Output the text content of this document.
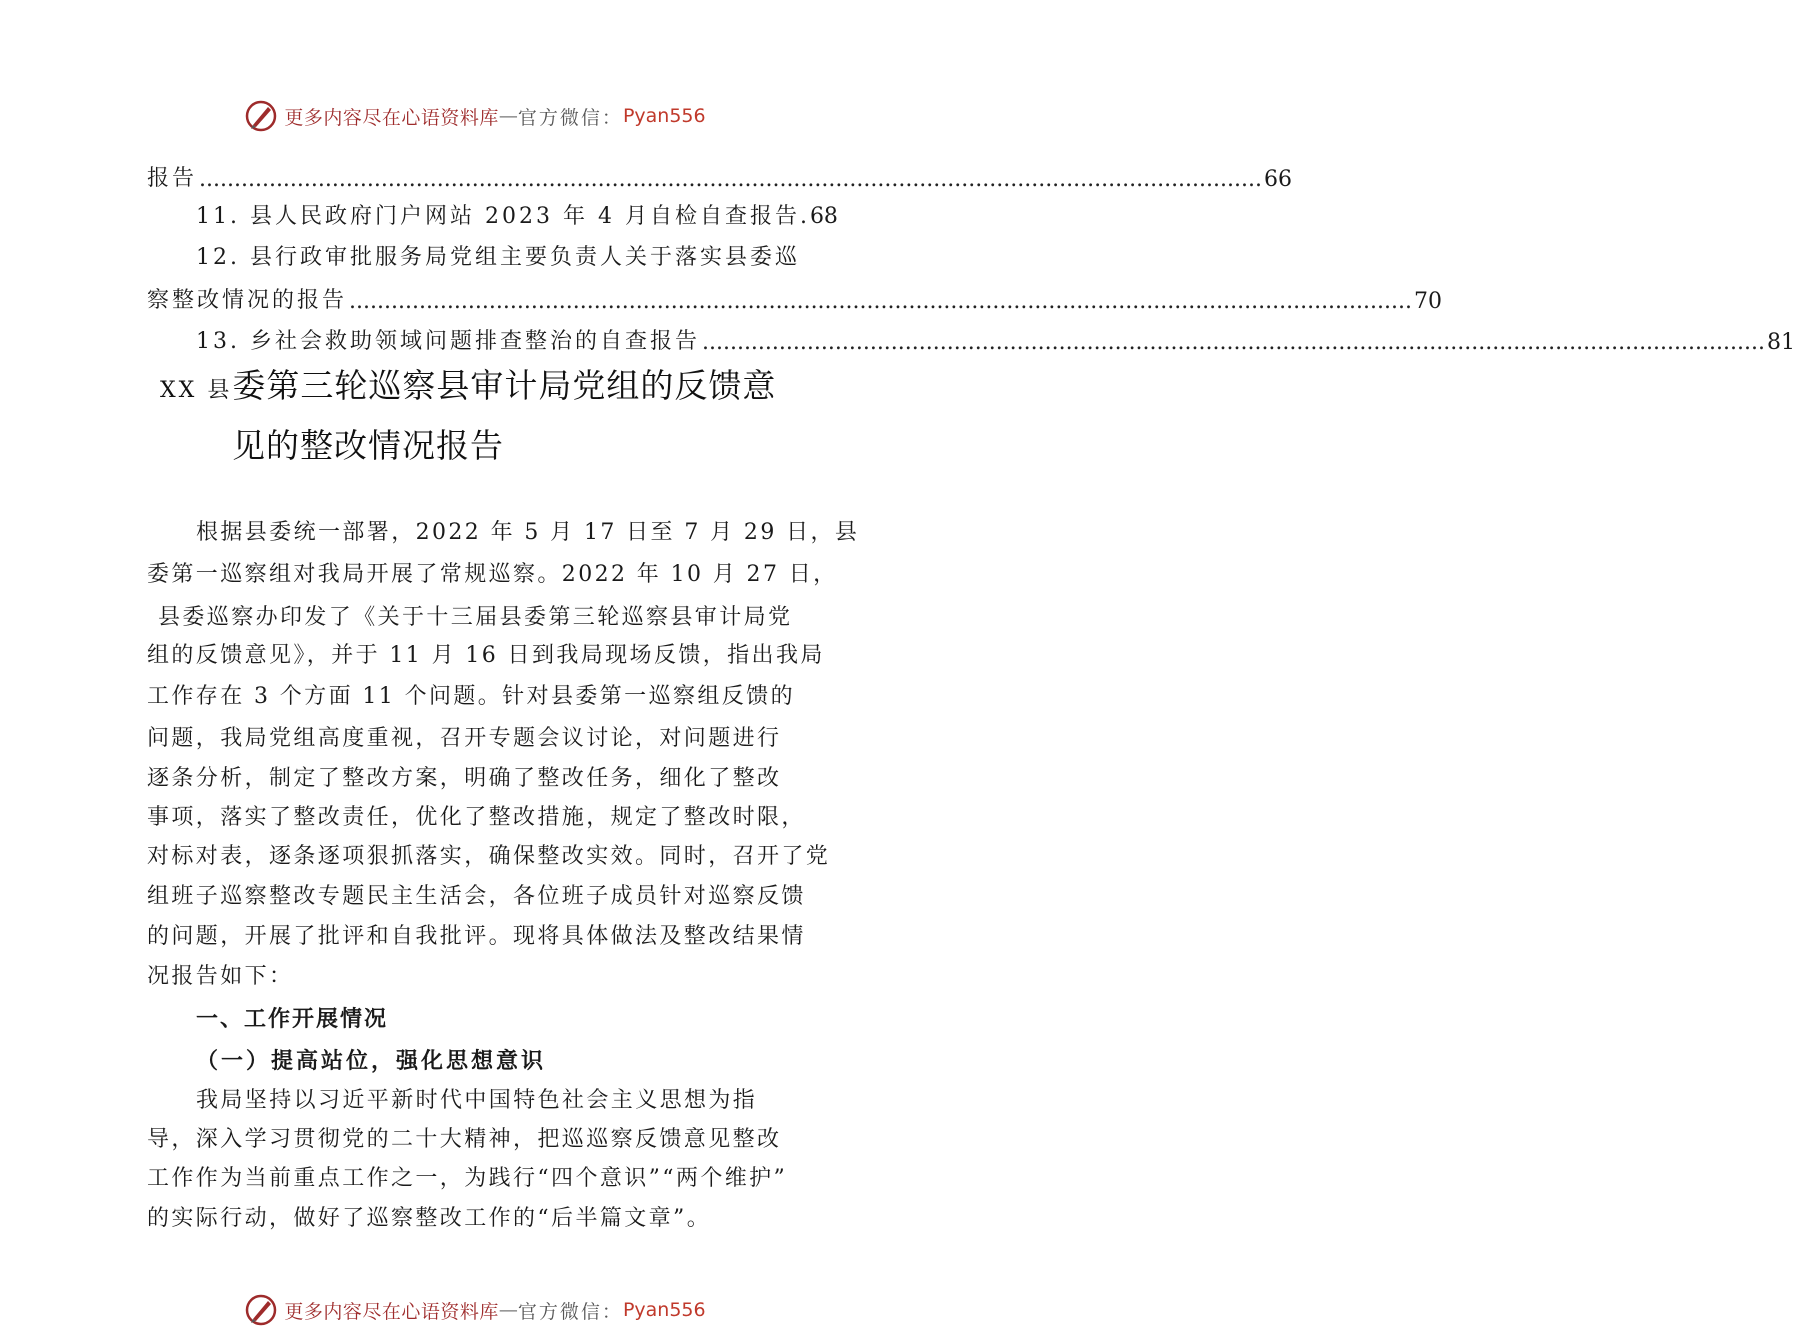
更多内容尽在心语资料库 — 官方微信： Pyan556
报告 ........................................................................................................................................................ 66
11. 县人民政府门户网站 2023 年 4 月自检自查报告.68
12. 县行政审批服务局党组主要负责人关于落实县委巡
察整改情况的报告 ........................................................................................................................................................ 70
13. 乡社会救助领域问题排查整治的自查报告 ........................................................................................................................................................ 81
XX 县委第三轮巡察县审计局党组的反馈意
见的整改情况报告
根据县委统一部署，2022 年 5 月 17 日至 7 月 29 日，县
委第一巡察组对我局开展了常规巡察。2022 年 10 月 27 日，
县委巡察办印发了《关于十三届县委第三轮巡察县审计局党
组的反馈意见》，并于 11 月 16 日到我局现场反馈，指出我局
工作存在 3 个方面 11 个问题。针对县委第一巡察组反馈的
问题，我局党组高度重视，召开专题会议讨论，对问题进行
逐条分析，制定了整改方案，明确了整改任务，细化了整改
事项，落实了整改责任，优化了整改措施，规定了整改时限，
对标对表，逐条逐项狠抓落实，确保整改实效。同时，召开了党
组班子巡察整改专题民主生活会，各位班子成员针对巡察反馈
的问题，开展了批评和自我批评。现将具体做法及整改结果情
况报告如下：
一、工作开展情况
（一）提高站位，强化思想意识
我局坚持以习近平新时代中国特色社会主义思想为指
导，深入学习贯彻党的二十大精神，把巡巡察反馈意见整改
工作作为当前重点工作之一，为践行“四个意识”“两个维护”
的实际行动，做好了巡察整改工作的“后半篇文章”。
更多内容尽在心语资料库 — 官方微信： Pyan556
